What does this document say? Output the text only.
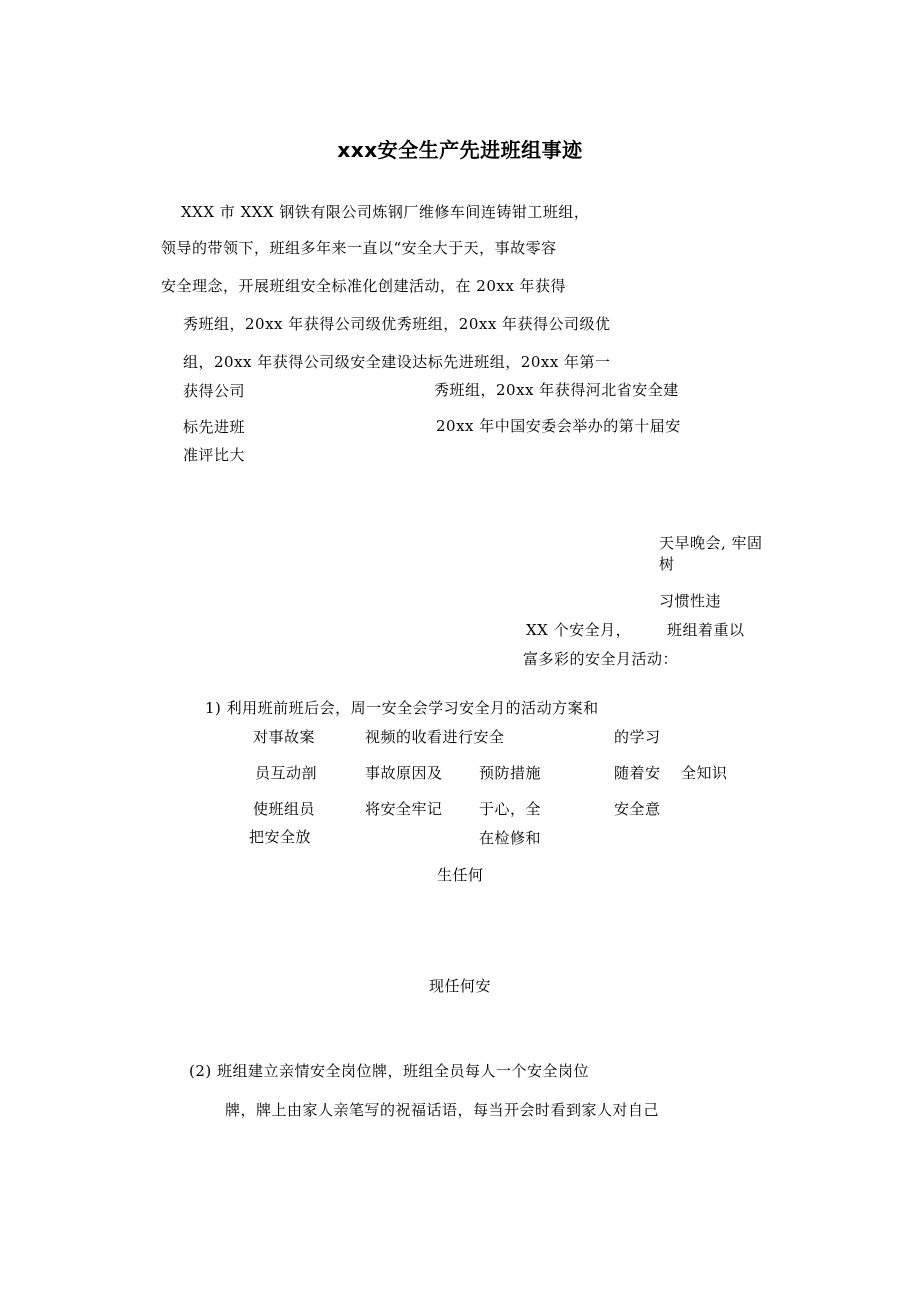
xxx安全生产先进班组事迹
XXX 市 XXX 钢铁有限公司炼钢厂维修车间连铸钳工班组，
领导的带领下，班组多年来一直以“安全大于天，事故零容
安全理念，开展班组安全标准化创建活动，在 20xx 年获得
秀班组，20xx 年获得公司级优秀班组，20xx 年获得公司级优
组，20xx 年获得公司级安全建设达标先进班组，20xx 年第一
获得公司	秀班组，20xx 年获得河北省安全建
标先进班	20xx 年中国安委会举办的第十届安
准评比大
天早晚会, 牢固
树
习惯性违
XX 个安全月， 班组着重以
富多彩的安全月活动：
1) 利用班前班后会，周一安全会学习安全月的活动方案和
对事故案	视频的收看进行安全	的学习
员互动剖	事故原因及 预防措施	随着安 全知识
使班组员	将安全牢记 于心，全	安全意
把安全放	在检修和
生任何
现任何安
(2) 班组建立亲情安全岗位牌，班组全员每人一个安全岗位
牌，牌上由家人亲笔写的祝福话语，每当开会时看到家人对自己
